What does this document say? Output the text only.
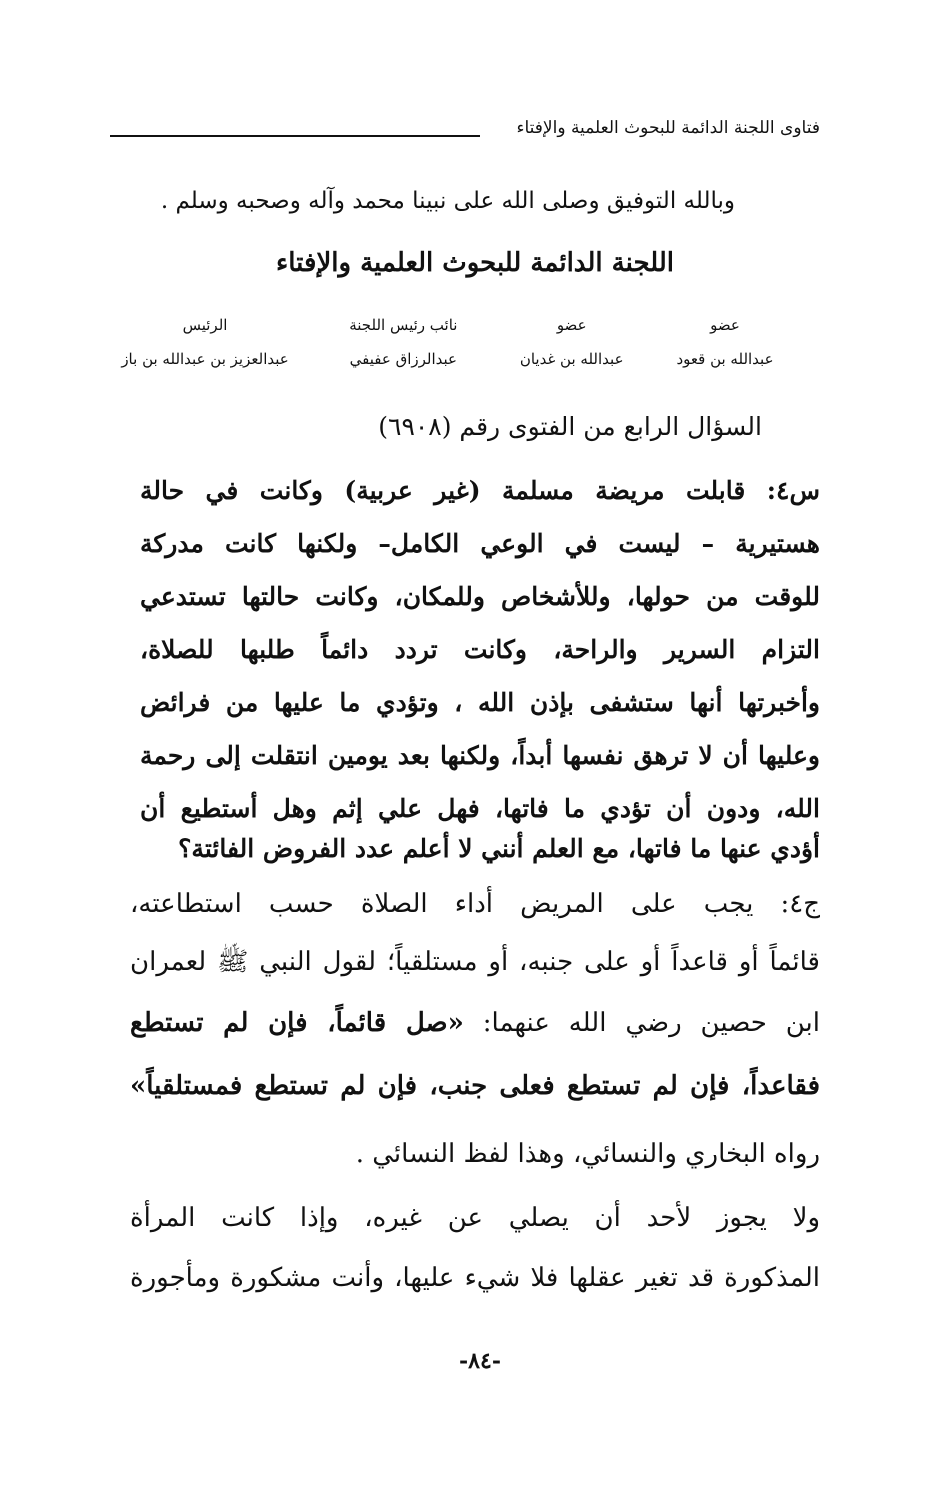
فتاوى اللجنة الدائمة للبحوث العلمية والإفتاء
وبالله التوفيق وصلى الله على نبينا محمد وآله وصحبه وسلم .
اللجنة الدائمة للبحوث العلمية والإفتاء
عضو
عبدالله بن قعود
عضو
عبدالله بن غديان
نائب رئيس اللجنة
عبدالرزاق عفيفي
الرئيس
عبدالعزيز بن عبدالله بن باز
السؤال الرابع من الفتوى رقم (٦٩٠٨)
س٤: قابلت مريضة مسلمة (غير عربية) وكانت في حالة
هستيرية – ليست في الوعي الكامل– ولكنها كانت مدركة
للوقت من حولها، وللأشخاص وللمكان، وكانت حالتها تستدعي
التزام السرير والراحة، وكانت تردد دائماً طلبها للصلاة،
وأخبرتها أنها ستشفى بإذن الله ، وتؤدي ما عليها من فرائض
وعليها أن لا ترهق نفسها أبداً، ولكنها بعد يومين انتقلت إلى رحمة
الله، ودون أن تؤدي ما فاتها، فهل علي إثم وهل أستطيع أن
أؤدي عنها ما فاتها، مع العلم أنني لا أعلم عدد الفروض الفائتة؟
ج٤: يجب على المريض أداء الصلاة حسب استطاعته،
قائماً أو قاعداً أو على جنبه، أو مستلقياً؛ لقول النبي ﷺ لعمران
ابن حصين رضي الله عنهما: «صل قائماً، فإن لم تستطع
فقاعداً، فإن لم تستطع فعلى جنب، فإن لم تستطع فمستلقياً»
رواه البخاري والنسائي، وهذا لفظ النسائي .
ولا يجوز لأحد أن يصلي عن غيره، وإذا كانت المرأة
المذكورة قد تغير عقلها فلا شيء عليها، وأنت مشكورة ومأجورة
-٨٤-
